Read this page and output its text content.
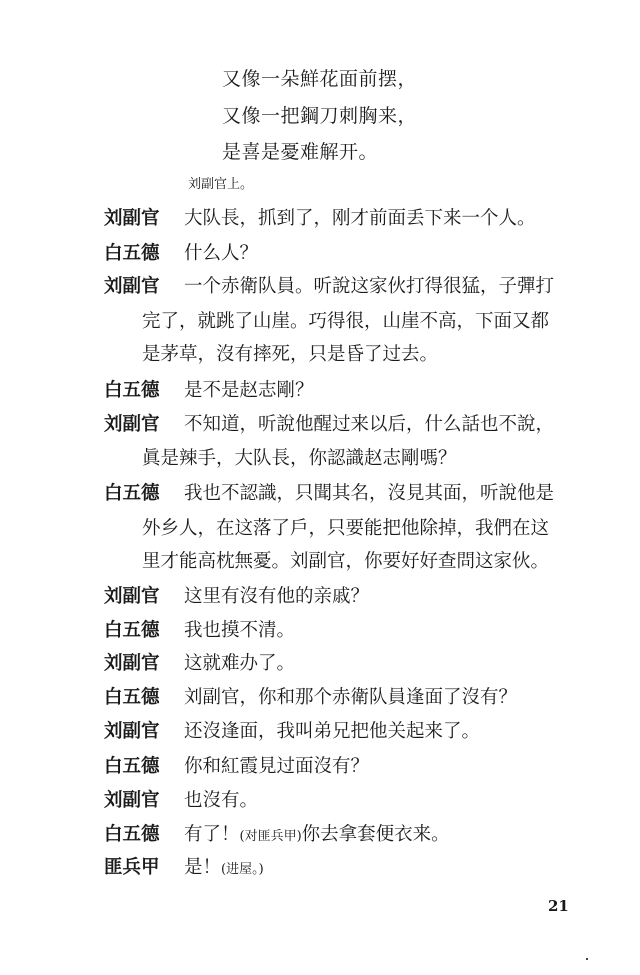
又像一朵鮮花面前摆，
又像一把鋼刀刺胸来，
是喜是憂难解开。
刘副官上。
刘副官 大队長，抓到了，刚才前面丢下来一个人。
白五德 什么人？
刘副官 一个赤衛队員。听說这家伙打得很猛，子彈打
完了，就跳了山崖。巧得很，山崖不高，下面又都
是茅草，沒有摔死，只是昏了过去。
白五德 是不是赵志剛？
刘副官 不知道，听說他醒过来以后，什么話也不說，
眞是辣手，大队長，你認識赵志剛嗎？
白五德 我也不認識，只聞其名，沒見其面，听說他是
外乡人，在这落了戶，只要能把他除掉，我們在这
里才能高枕無憂。刘副官，你要好好查問这家伙。
刘副官 这里有沒有他的亲戚？
白五德 我也摸不清。
刘副官 这就难办了。
白五德 刘副官，你和那个赤衛队員逢面了沒有？
刘副官 还沒逢面，我叫弟兄把他关起来了。
白五德 你和紅霞見过面沒有？
刘副官 也沒有。
白五德 有了！(对匪兵甲)你去拿套便衣来。
匪兵甲 是！(进屋。)
21
